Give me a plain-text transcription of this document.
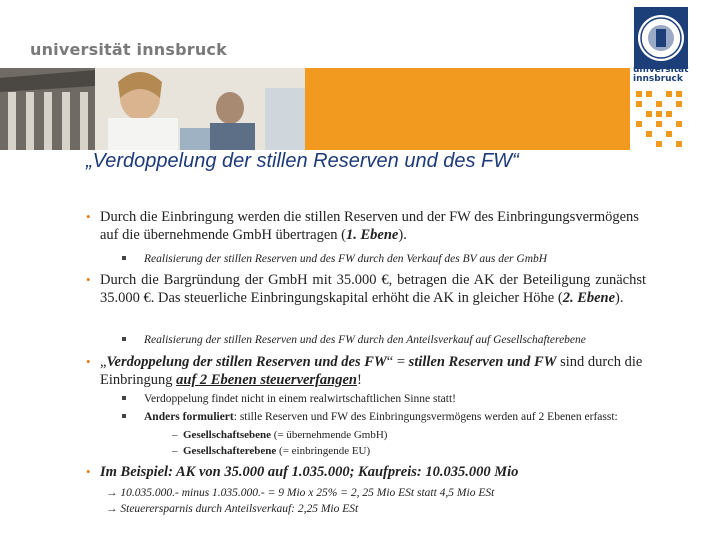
universität innsbruck
universität
innsbruck
„Verdoppelung der stillen Reserven und des FW“
• Durch die Einbringung werden die stillen Reserven und der FW des Einbringungsvermögens auf die übernehmende GmbH übertragen (1. Ebene).
Realisierung der stillen Reserven und des FW durch den Verkauf des BV aus der GmbH
• Durch die Bargründung der GmbH mit 35.000 €, betragen die AK der Beteiligung zunächst 35.000 €. Das steuerliche Einbringungskapital erhöht die AK in gleicher Höhe (2. Ebene).
Realisierung der stillen Reserven und des FW durch den Anteilsverkauf auf Gesellschafterebene
• „Verdoppelung der stillen Reserven und des FW“ = stillen Reserven und FW sind durch die Einbringung auf 2 Ebenen steuerverfangen!
Verdoppelung findet nicht in einem realwirtschaftlichen Sinne statt!
Anders formuliert: stille Reserven und FW des Einbringungsvermögens werden auf 2 Ebenen erfasst:
– Gesellschaftsebene (= übernehmende GmbH)
– Gesellschafterebene (= einbringende EU)
• Im Beispiel: AK von 35.000 auf 1.035.000; Kaufpreis: 10.035.000 Mio
→ 10.035.000.- minus 1.035.000.- = 9 Mio x 25% = 2, 25 Mio ESt statt 4,5 Mio ESt
→ Steuerersparnis durch Anteilsverkauf: 2,25 Mio ESt
